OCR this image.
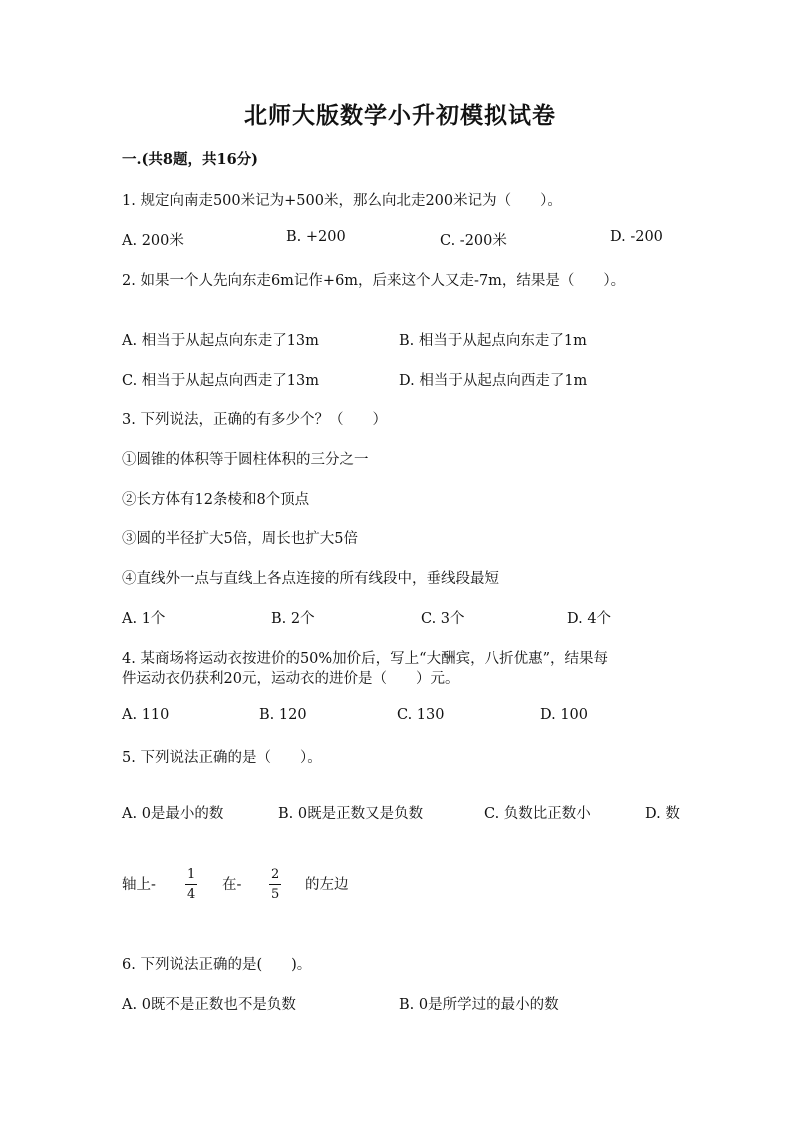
北师大版数学小升初模拟试卷
一.(共8题，共16分)
1. 规定向南走500米记为+500米，那么向北走200米记为（　　）。
A. 200米	B. +200	C. -200米	D. -200
2. 如果一个人先向东走6m记作+6m，后来这个人又走-7m，结果是（　　）。
A. 相当于从起点向东走了13m	B. 相当于从起点向东走了1m
C. 相当于从起点向西走了13m	D. 相当于从起点向西走了1m
3. 下列说法，正确的有多少个？（　　）
①圆锥的体积等于圆柱体积的三分之一
②长方体有12条棱和8个顶点
③圆的半径扩大5倍，周长也扩大5倍
④直线外一点与直线上各点连接的所有线段中，垂线段最短
A. 1个	B. 2个	C. 3个	D. 4个
4. 某商场将运动衣按进价的50%加价后，写上“大酬宾，八折优惠”，结果每
件运动衣仍获利20元，运动衣的进价是（　　）元。
A. 110	B. 120	C. 130	D. 100
5. 下列说法正确的是（　　）。
A. 0是最小的数	B. 0既是正数又是负数	C. 负数比正数小	D. 数
轴上-
1
4
在-
2
5
的左边
6. 下列说法正确的是(　　)。
A. 0既不是正数也不是负数	B. 0是所学过的最小的数
